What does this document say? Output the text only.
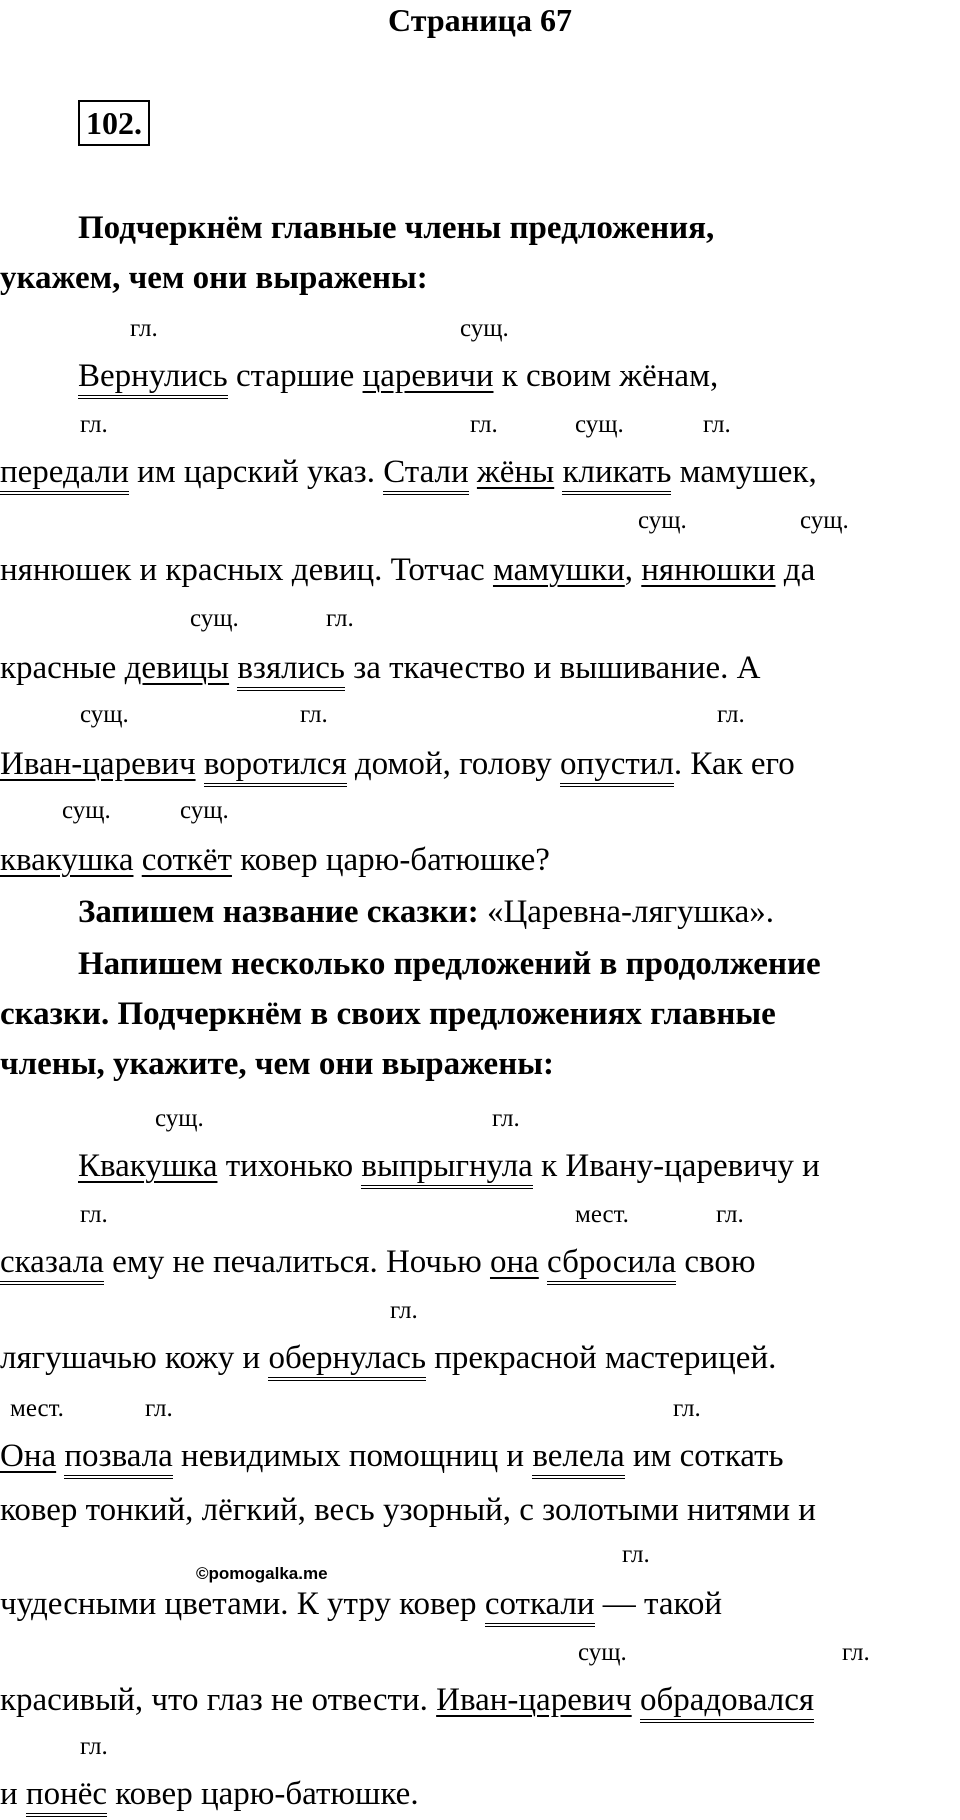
Страница 67
102.
Подчеркнём главные члены предложения,
укажем, чем они выражены:
гл.	сущ.
Вернулись старшие царевичи к своим жёнам,
гл.	гл.	сущ.	гл.
передали им царский указ. Стали жёны кликать мамушек,
сущ.	сущ.
нянюшек и красных девиц. Тотчас мамушки, нянюшки да
сущ.	гл.
красные девицы взялись за ткачество и вышивание. А
сущ.	гл.	гл.
Иван-царевич воротился домой, голову опустил. Как его
сущ.	сущ.
квакушка соткёт ковер царю-батюшке?
Запишем название сказки: «Царевна-лягушка».
Напишем несколько предложений в продолжение
сказки. Подчеркнём в своих предложениях главные
члены, укажите, чем они выражены:
сущ.	гл.
Квакушка тихонько выпрыгнула к Ивану-царевичу и
гл.	мест.	гл.
сказала ему не печалиться. Ночью она сбросила свою
гл.
лягушачью кожу и обернулась прекрасной мастерицей.
мест.	гл.	гл.
Она позвала невидимых помощниц и велела им соткать
ковер тонкий, лёгкий, весь узорный, с золотыми нитями и
гл.
©pomogalka.me
чудесными цветами. К утру ковер соткали — такой
сущ.	гл.
красивый, что глаз не отвести. Иван-царевич обрадовался
гл.
и понёс ковер царю-батюшке.
